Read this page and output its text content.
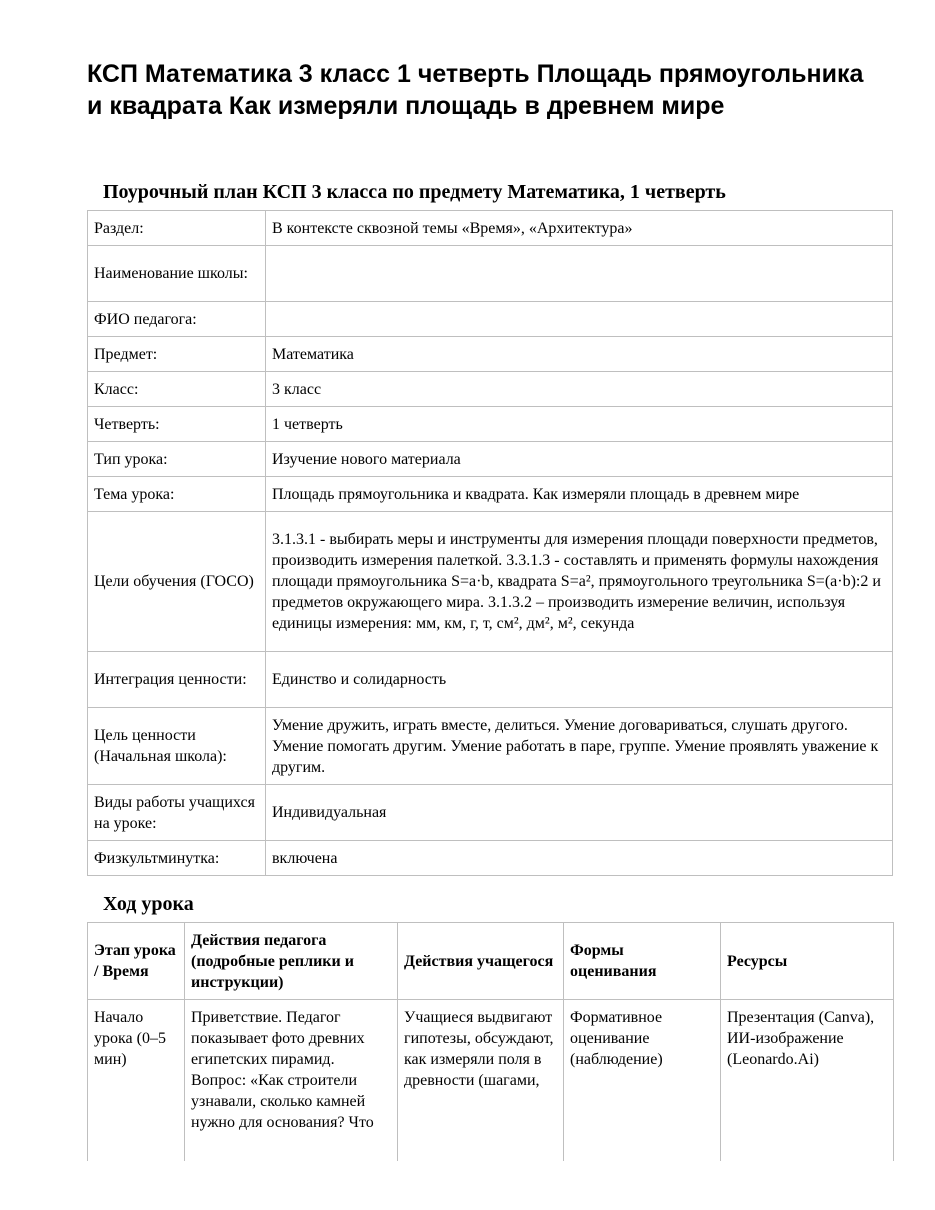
КСП Математика 3 класс 1 четверть Площадь прямоугольника и квадрата Как измеряли площадь в древнем мире
Поурочный план КСП 3 класса по предмету Математика, 1 четверть
Раздел:	В контексте сквозной темы «Время», «Архитектура»
Наименование школы:	
ФИО педагога:	
Предмет:	Математика
Класс:	3 класс
Четверть:	1 четверть
Тип урока:	Изучение нового материала
Тема урока:	Площадь прямоугольника и квадрата. Как измеряли площадь в древнем мире
Цели обучения (ГОСО)	3.1.3.1 - выбирать меры и инструменты для измерения площади поверхности предметов, производить измерения палеткой. 3.3.1.3 - составлять и применять формулы нахождения площади прямоугольника S=a·b, квадрата S=a², прямоугольного треугольника S=(a·b):2 и предметов окружающего мира. 3.1.3.2 – производить измерение величин, используя единицы измерения: мм, км, г, т, см², дм², м², секунда
Интеграция ценности:	Единство и солидарность
Цель ценности (Начальная школа):	Умение дружить, играть вместе, делиться. Умение договариваться, слушать другого. Умение помогать другим. Умение работать в паре, группе. Умение проявлять уважение к другим.
Виды работы учащихся на уроке:	Индивидуальная
Физкультминутка:	включена
Ход урока
Этап урока / Время	Действия педагога (подробные реплики и инструкции)	Действия учащегося	Формы оценивания	Ресурсы
Начало урока (0–5 мин)	Приветствие. Педагог показывает фото древних египетских пирамид. Вопрос: «Как строители узнавали, сколько камней нужно для основания? Что	Учащиеся выдвигают гипотезы, обсуждают, как измеряли поля в древности (шагами,	Формативное оценивание (наблюдение)	Презентация (Canva), ИИ-изображение (Leonardo.Ai)
